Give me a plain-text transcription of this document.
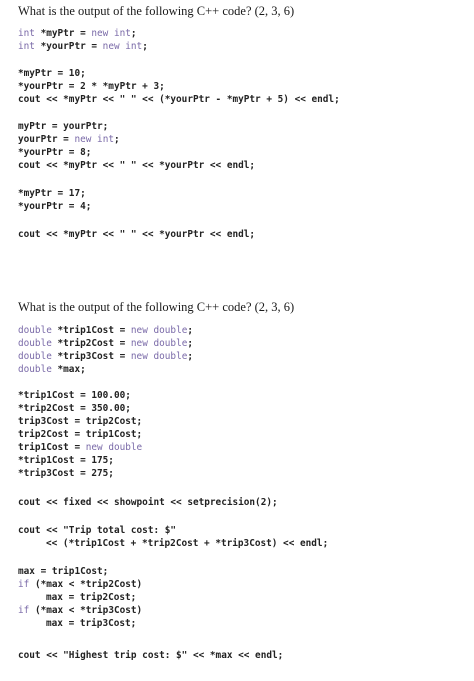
What is the output of the following C++ code? (2, 3, 6)
int *myPtr = new int;
int *yourPtr = new int;
*myPtr = 10;
*yourPtr = 2 * *myPtr + 3;
cout << *myPtr << " " << (*yourPtr - *myPtr + 5) << endl;
myPtr = yourPtr;
yourPtr = new int;
*yourPtr = 8;
cout << *myPtr << " " << *yourPtr << endl;
*myPtr = 17;
*yourPtr = 4;
cout << *myPtr << " " << *yourPtr << endl;
What is the output of the following C++ code? (2, 3, 6)
double *trip1Cost = new double;
double *trip2Cost = new double;
double *trip3Cost = new double;
double *max;
*trip1Cost = 100.00;
*trip2Cost = 350.00;
trip3Cost = trip2Cost;
trip2Cost = trip1Cost;
trip1Cost = new double
*trip1Cost = 175;
*trip3Cost = 275;
cout << fixed << showpoint << setprecision(2);
cout << "Trip total cost: $"
<< (*trip1Cost + *trip2Cost + *trip3Cost) << endl;
max = trip1Cost;
if (*max < *trip2Cost)
max = trip2Cost;
if (*max < *trip3Cost)
max = trip3Cost;
cout << "Highest trip cost: $" << *max << endl;
